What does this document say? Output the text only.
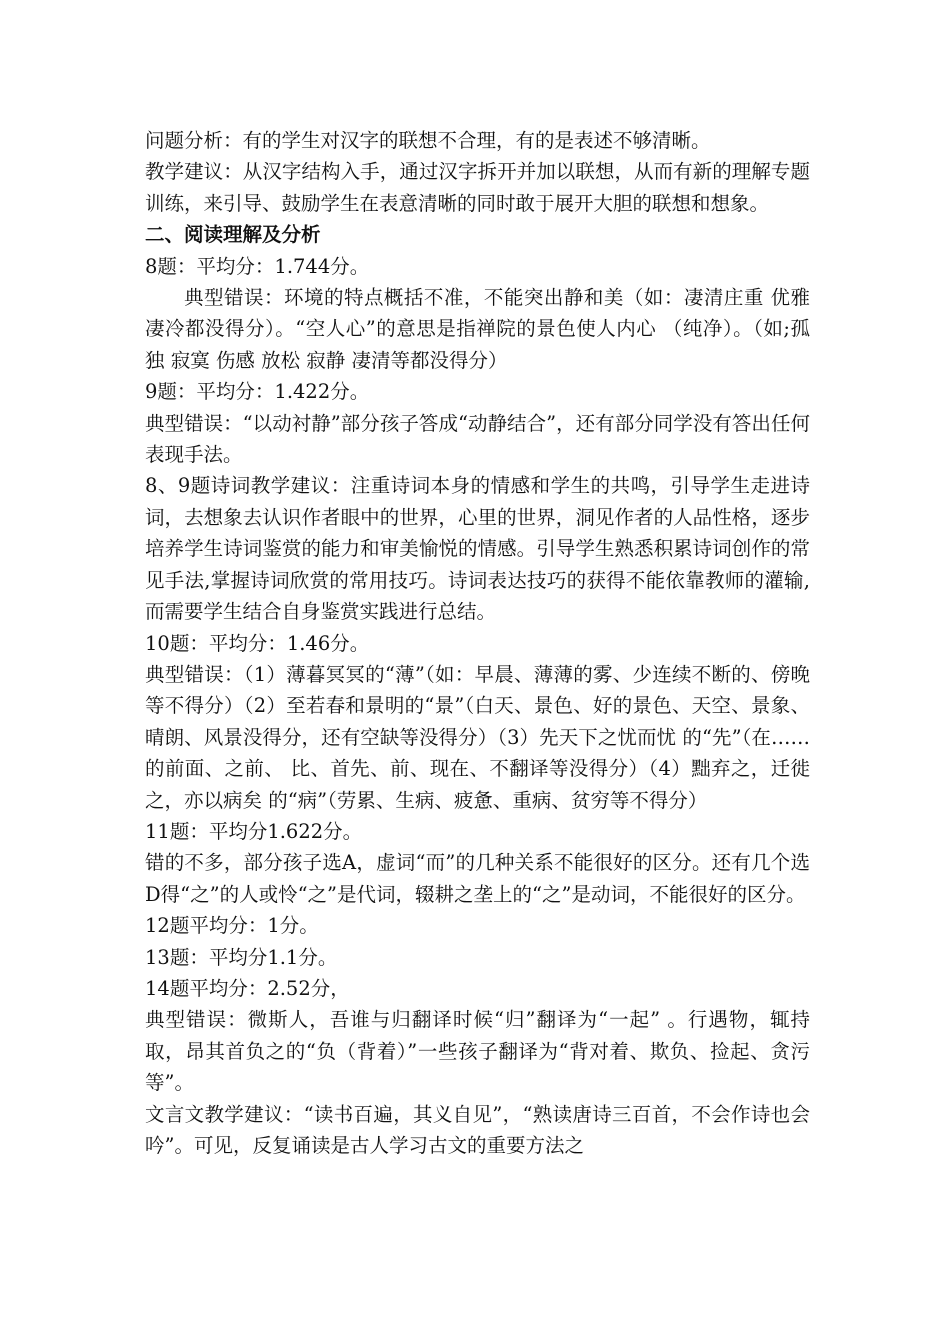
问题分析：有的学生对汉字的联想不合理，有的是表述不够清晰。

教学建议：从汉字结构入手，通过汉字拆开并加以联想，从而有新的理解专题训练，来引导、鼓励学生在表意清晰的同时敢于展开大胆的联想和想象。

二、阅读理解及分析

8题：平均分：1.744分。

典型错误：环境的特点概括不准，不能突出静和美（如：凄清庄重 优雅 凄冷都没得分）。“空人心”的意思是指禅院的景色使人内心 （纯净）。（如;孤独 寂寞 伤感 放松 寂静 凄清等都没得分）

9题：平均分：1.422分。

典型错误：“以动衬静”部分孩子答成“动静结合”，还有部分同学没有答出任何表现手法。

8、9题诗词教学建议：注重诗词本身的情感和学生的共鸣，引导学生走进诗词，去想象去认识作者眼中的世界，心里的世界，洞见作者的人品性格，逐步培养学生诗词鉴赏的能力和审美愉悦的情感。引导学生熟悉积累诗词创作的常见手法,掌握诗词欣赏的常用技巧。诗词表达技巧的获得不能依靠教师的灌输,而需要学生结合自身鉴赏实践进行总结。

10题：平均分：1.46分。

典型错误：（1）薄暮冥冥的“薄”（如：早晨、薄薄的雾、少连续不断的、傍晚等不得分）（2）至若春和景明的“景”（白天、景色、好的景色、天空、景象、晴朗、风景没得分，还有空缺等没得分）（3）先天下之忧而忧 的“先”（在……的前面、之前、 比、首先、前、现在、不翻译等没得分）（4）黜弃之，迁徙之，亦以病矣 的“病”（劳累、生病、疲惫、重病、贫穷等不得分）

11题：平均分1.622分。

错的不多，部分孩子选A，虚词“而”的几种关系不能很好的区分。还有几个选D得“之”的人或怜“之”是代词，辍耕之垄上的“之”是动词，不能很好的区分。

12题平均分：1分。

13题：平均分1.1分。

14题平均分：2.52分，

典型错误：微斯人，吾谁与归翻译时候“归”翻译为“一起” 。行遇物，辄持取，昂其首负之的“负（背着）”一些孩子翻译为“背对着、欺负、捡起、贪污等”。

文言文教学建议：“读书百遍，其义自见”，“熟读唐诗三百首，不会作诗也会吟”。可见，反复诵读是古人学习古文的重要方法之
